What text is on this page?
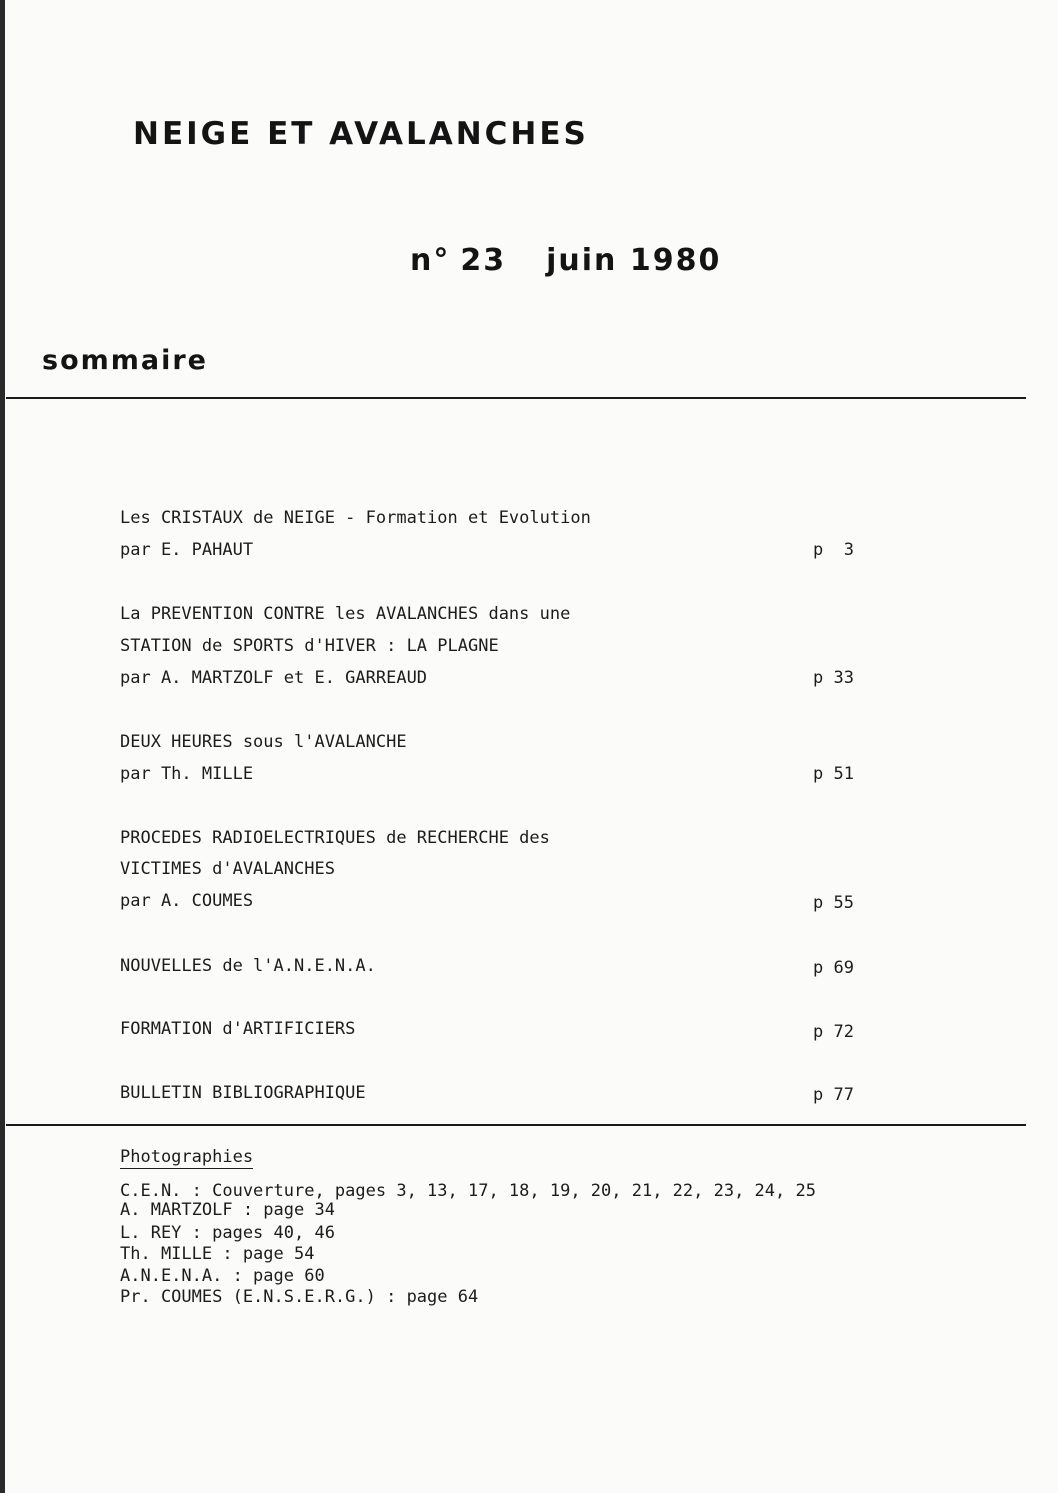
NEIGE ET AVALANCHES
n° 23 juin 1980
sommaire
Les CRISTAUX de NEIGE - Formation et Evolution
par E. PAHAUT	p  3
La PREVENTION CONTRE les AVALANCHES dans une
STATION de SPORTS d'HIVER : LA PLAGNE
par A. MARTZOLF et E. GARREAUD	p 33
DEUX HEURES sous l'AVALANCHE
par Th. MILLE	p 51
PROCEDES RADIOELECTRIQUES de RECHERCHE des
VICTIMES d'AVALANCHES
par A. COUMES	p 55
NOUVELLES de l'A.N.E.N.A.	p 69
FORMATION d'ARTIFICIERS	p 72
BULLETIN BIBLIOGRAPHIQUE	p 77
Photographies
C.E.N. : Couverture, pages 3, 13, 17, 18, 19, 20, 21, 22, 23, 24, 25
A. MARTZOLF : page 34
L. REY : pages 40, 46
Th. MILLE : page 54
A.N.E.N.A. : page 60
Pr. COUMES (E.N.S.E.R.G.) : page 64
